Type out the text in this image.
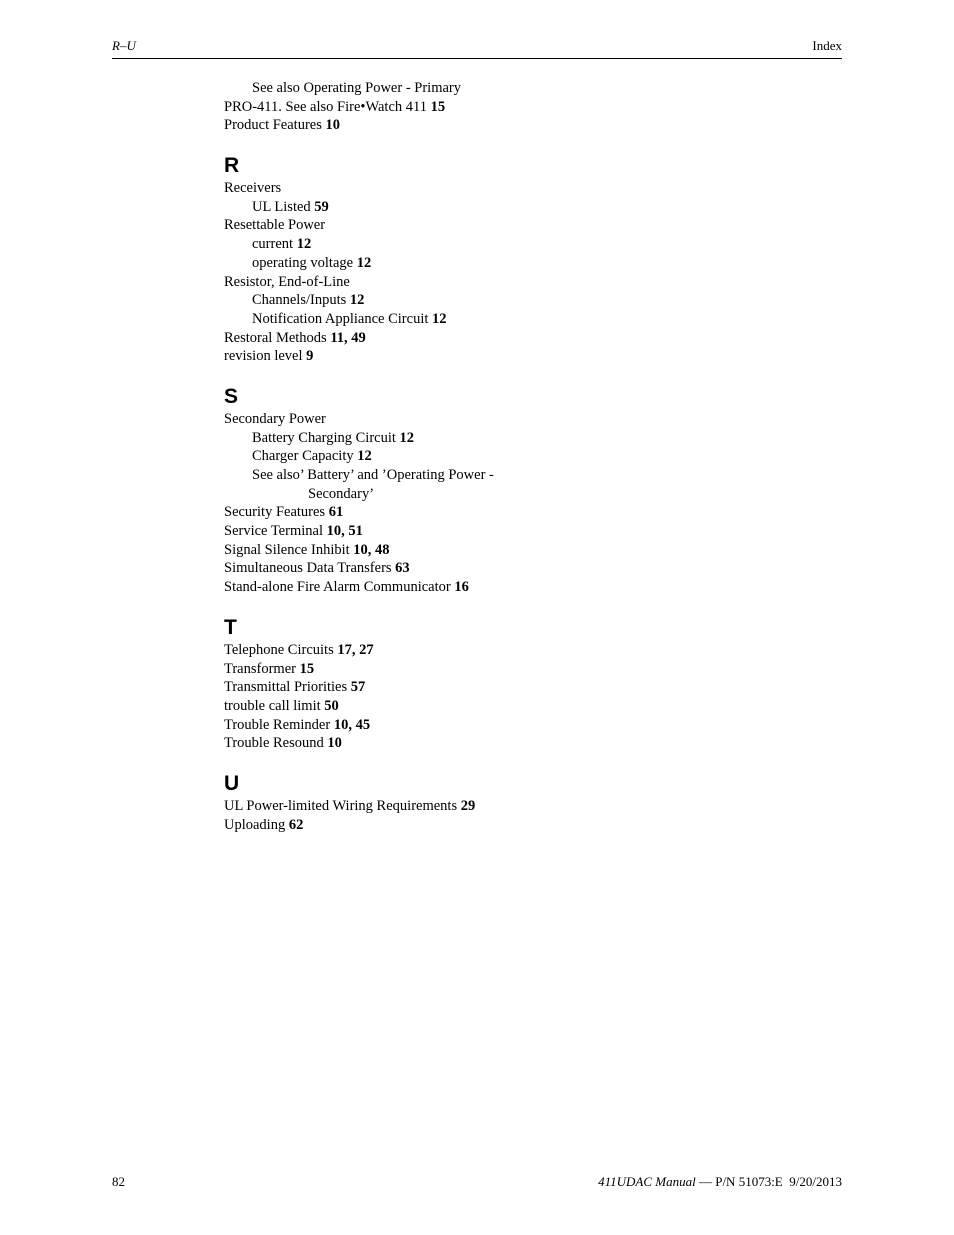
R–U	Index
See also Operating Power - Primary
PRO-411. See also Fire•Watch 411 15
Product Features 10
R
Receivers
UL Listed 59
Resettable Power
current 12
operating voltage 12
Resistor, End-of-Line
Channels/Inputs 12
Notification Appliance Circuit 12
Restoral Methods 11, 49
revision level 9
S
Secondary Power
Battery Charging Circuit 12
Charger Capacity 12
See also’ Battery’ and ’Operating Power -
Secondary’
Security Features 61
Service Terminal 10, 51
Signal Silence Inhibit 10, 48
Simultaneous Data Transfers 63
Stand-alone Fire Alarm Communicator 16
T
Telephone Circuits 17, 27
Transformer 15
Transmittal Priorities 57
trouble call limit 50
Trouble Reminder 10, 45
Trouble Resound 10
U
UL Power-limited Wiring Requirements 29
Uploading 62
82	411UDAC Manual — P/N 51073:E 9/20/2013
